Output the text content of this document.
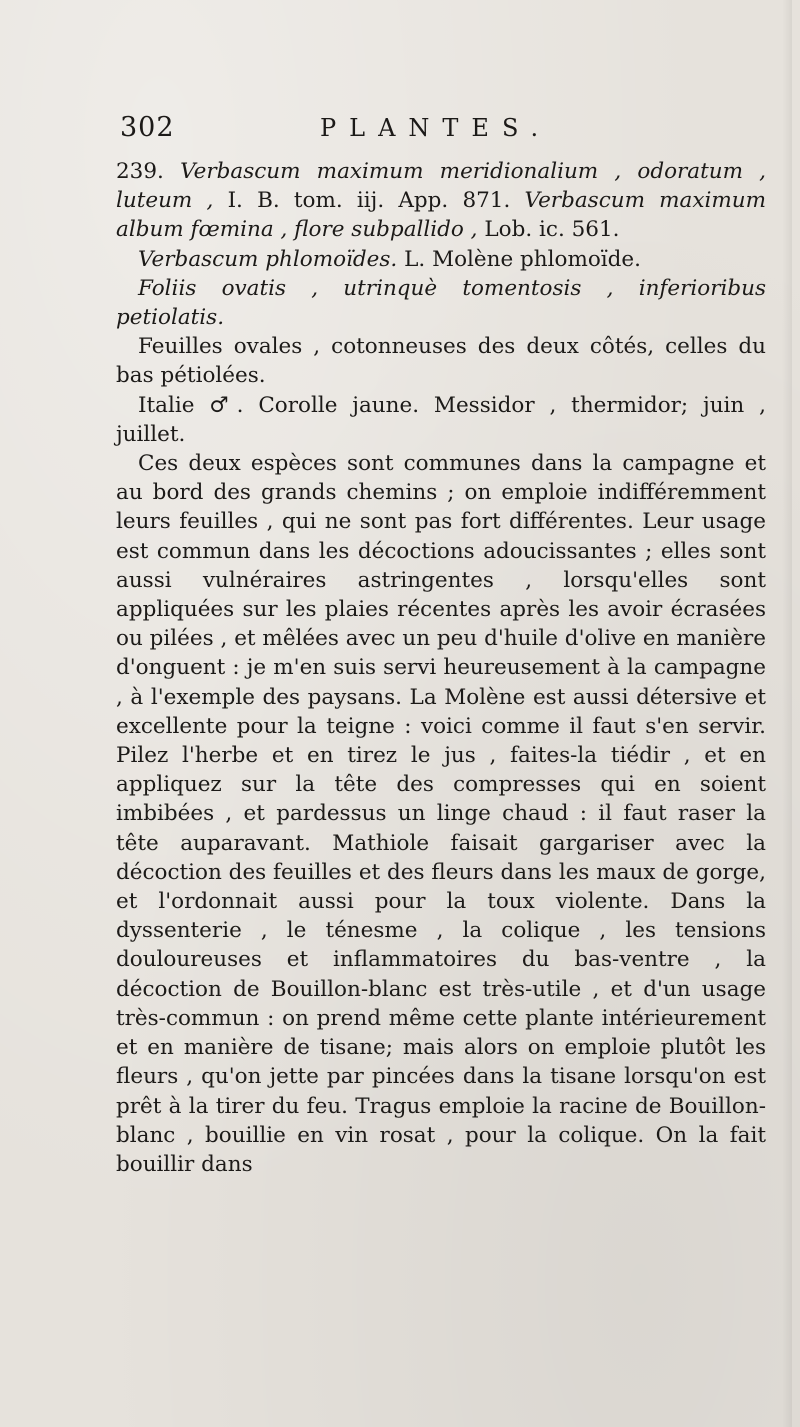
302	PLANTES.

239. Verbascum maximum meridionalium , odoratum , luteum , I. B. tom. iij. App. 871. Verbascum maximum album fœmina , flore subpallido , Lob. ic. 561.

Verbascum phlomoïdes. L. Molène phlomoïde.

Foliis ovatis , utrinquè tomentosis , inferioribus petiolatis.

Feuilles ovales , cotonneuses des deux côtés, celles du bas pétiolées.

Italie ♂. Corolle jaune. Messidor , thermidor; juin , juillet.

Ces deux espèces sont communes dans la campagne et au bord des grands chemins ; on emploie indifféremment leurs feuilles , qui ne sont pas fort différentes. Leur usage est commun dans les décoctions adoucissantes ; elles sont aussi vulnéraires astringentes , lorsqu'elles sont appliquées sur les plaies récentes après les avoir écrasées ou pilées , et mêlées avec un peu d'huile d'olive en manière d'onguent : je m'en suis servi heureusement à la campagne , à l'exemple des paysans. La Molène est aussi détersive et excellente pour la teigne : voici comme il faut s'en servir. Pilez l'herbe et en tirez le jus , faites-la tiédir , et en appliquez sur la tête des compresses qui en soient imbibées , et pardessus un linge chaud : il faut raser la tête auparavant. Mathiole faisait gargariser avec la décoction des feuilles et des fleurs dans les maux de gorge, et l'ordonnait aussi pour la toux violente. Dans la dyssenterie , le ténesme , la colique , les tensions douloureuses et inflammatoires du bas-ventre , la décoction de Bouillon-blanc est très-utile , et d'un usage très-commun : on prend même cette plante intérieurement et en manière de tisane; mais alors on emploie plutôt les fleurs , qu'on jette par pincées dans la tisane lorsqu'on est prêt à la tirer du feu. Tragus emploie la racine de Bouillon-blanc , bouillie en vin rosat , pour la colique. On la fait bouillir dans
